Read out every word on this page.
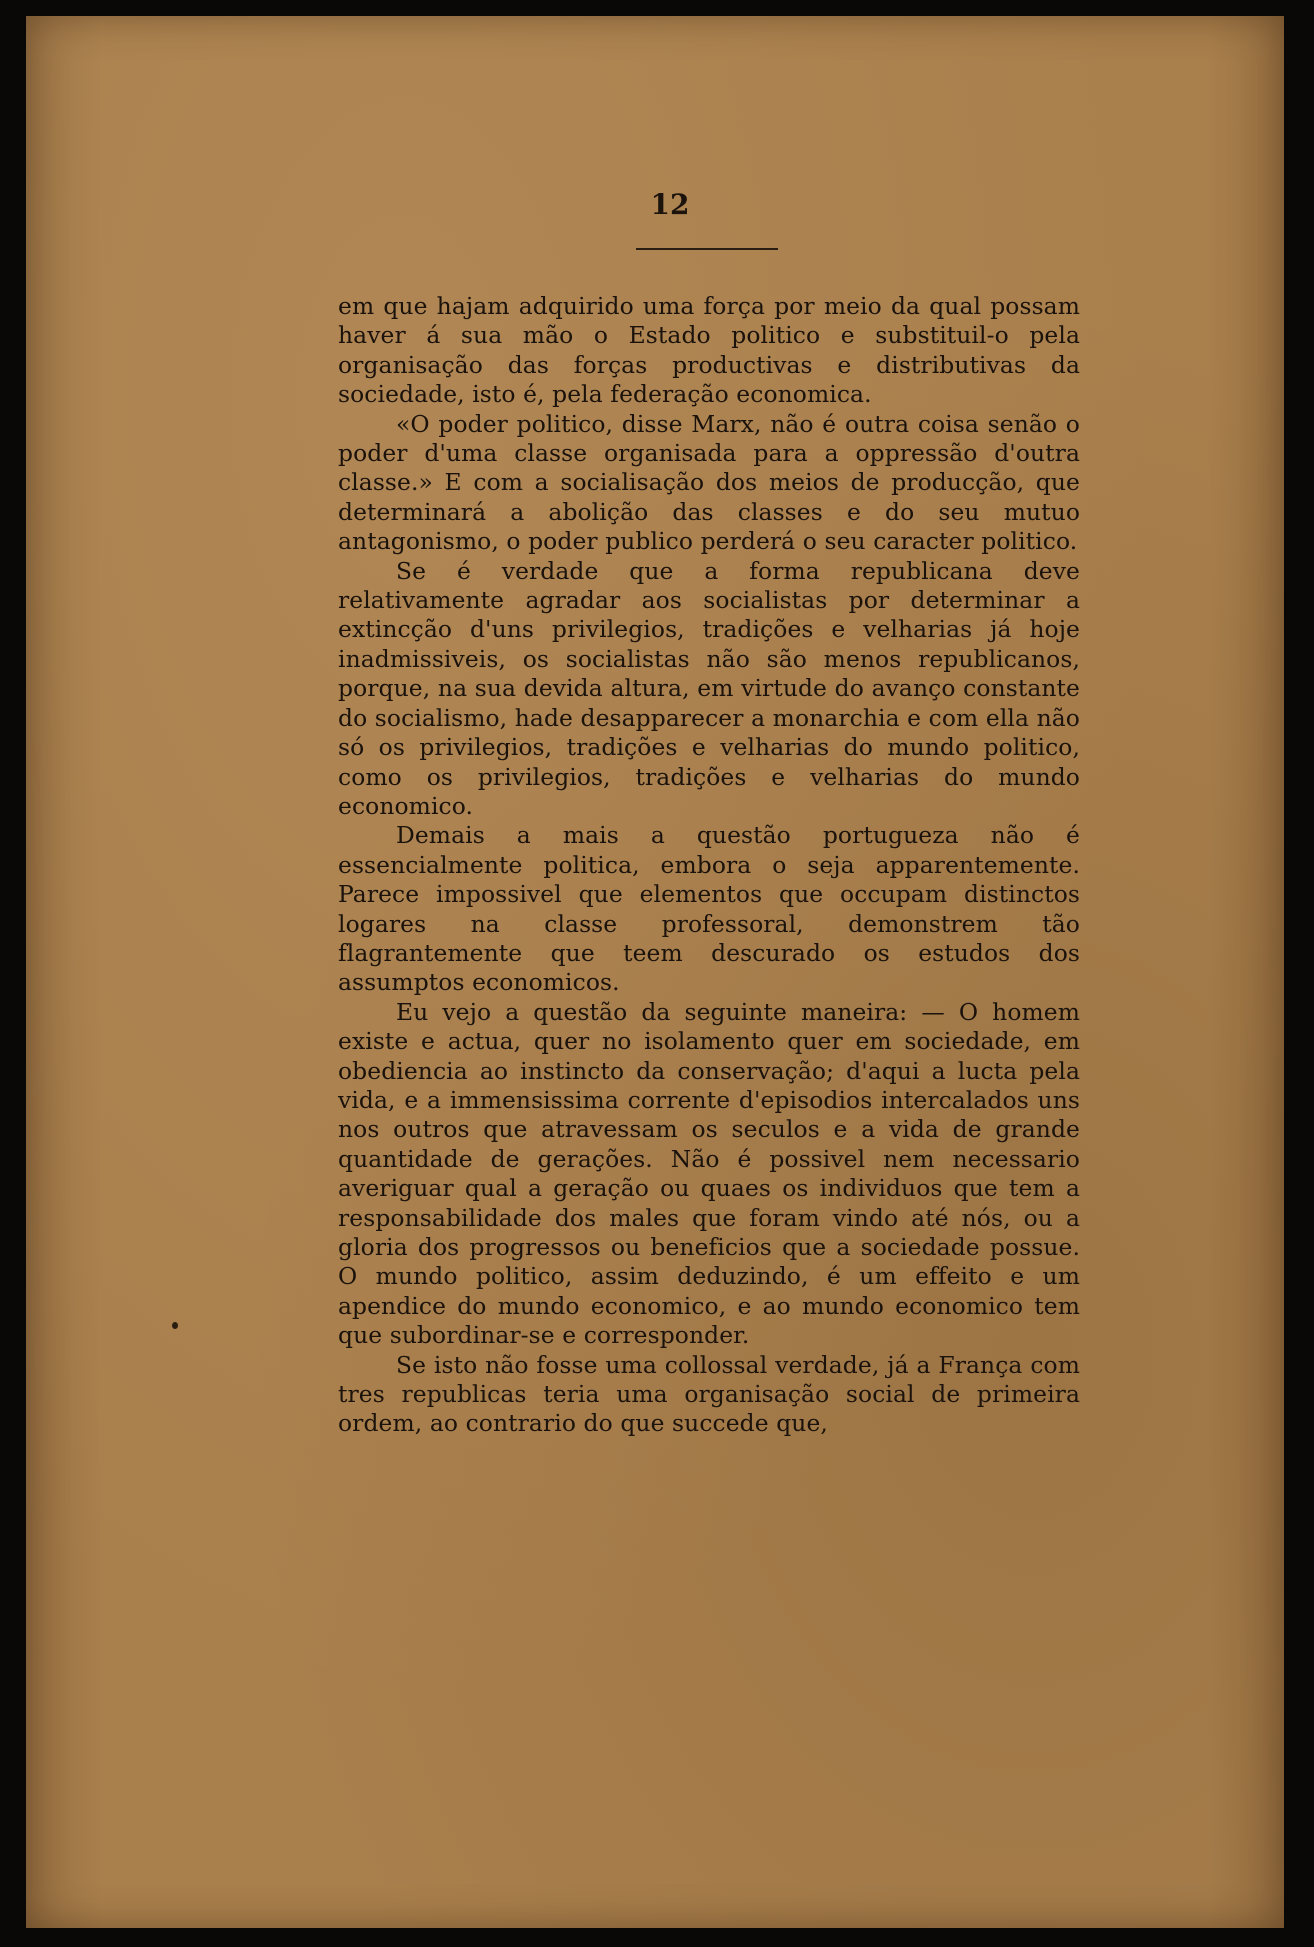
12

em que hajam adquirido uma força por meio da qual possam haver á sua mão o Estado politico e substituil-o pela organisação das forças productivas e distributivas da sociedade, isto é, pela federação economica.

«O poder politico, disse Marx, não é outra coisa senão o poder d'uma classe organisada para a oppressão d'outra classe.» E com a socialisação dos meios de producção, que determinará a abolição das classes e do seu mutuo antagonismo, o poder publico perderá o seu caracter politico.

Se é verdade que a forma republicana deve relativamente agradar aos socialistas por determinar a extincção d'uns privilegios, tradições e velharias já hoje inadmissiveis, os socialistas não são menos republicanos, porque, na sua devida altura, em virtude do avanço constante do socialismo, hade desapparecer a monarchia e com ella não só os privilegios, tradições e velharias do mundo politico, como os privilegios, tradições e velharias do mundo economico.

Demais a mais a questão portugueza não é essencialmente politica, embora o seja apparentemente. Parece impossivel que elementos que occupam distinctos logares na classe professoral, demonstrem tão flagrantemente que teem descurado os estudos dos assumptos economicos.

Eu vejo a questão da seguinte maneira: — O homem existe e actua, quer no isolamento quer em sociedade, em obediencia ao instincto da conservação; d'aqui a lucta pela vida, e a immensissima corrente d'episodios intercalados uns nos outros que atravessam os seculos e a vida de grande quantidade de gerações. Não é possivel nem necessario averiguar qual a geração ou quaes os individuos que tem a responsabilidade dos males que foram vindo até nós, ou a gloria dos progressos ou beneficios que a sociedade possue. O mundo politico, assim deduzindo, é um effeito e um apendice do mundo economico, e ao mundo economico tem que subordinar-se e corresponder.

Se isto não fosse uma collossal verdade, já a França com tres republicas teria uma organisação social de primeira ordem, ao contrario do que succede que,
